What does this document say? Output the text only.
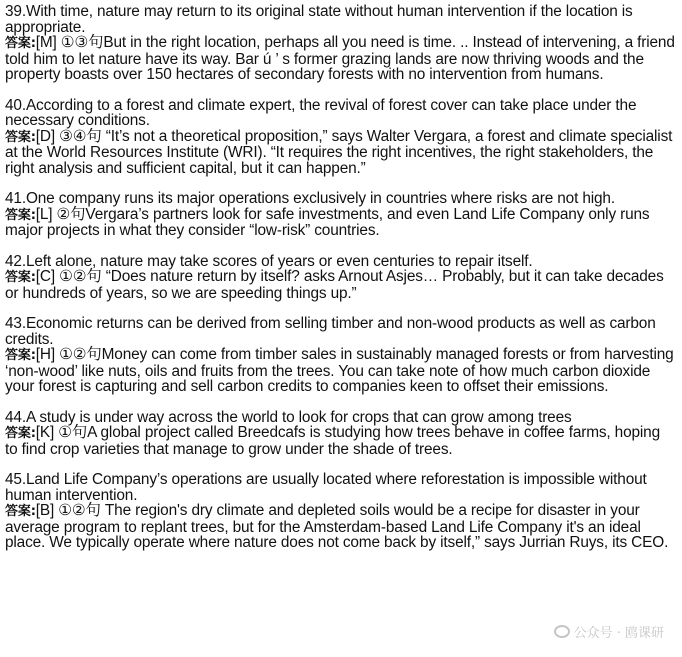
39.With time, nature may return to its original state without human intervention if the location is appropriate.

答案:[M] ①③句But in the right location, perhaps all you need is time. .. Instead of intervening, a friend told him to let nature have its way. Bar ú ’ s former grazing lands are now thriving woods and the property boasts over 150 hectares of secondary forests with no intervention from humans.

40.According to a forest and climate expert, the revival of forest cover can take place under the necessary conditions.

答案:[D] ③④句 “It’s not a theoretical proposition,” says Walter Vergara, a forest and climate specialist at the World Resources Institute (WRI). “It requires the right incentives, the right stakeholders, the right analysis and sufficient capital, but it can happen.”

41.One company runs its major operations exclusively in countries where risks are not high.

答案:[L] ②句Vergara’s partners look for safe investments, and even Land Life Company only runs major projects in what they consider “low-risk” countries.

42.Left alone, nature may take scores of years or even centuries to repair itself.

答案:[C] ①②句 “Does nature return by itself? asks Arnout Asjes… Probably, but it can take decades or hundreds of years, so we are speeding things up.”

43.Economic returns can be derived from selling timber and non-wood products as well as carbon credits.

答案:[H] ①②句Money can come from timber sales in sustainably managed forests or from harvesting ‘non-wood’ like nuts, oils and fruits from the trees. You can take note of how much carbon dioxide your forest is capturing and sell carbon credits to companies keen to offset their emissions.

44.A study is under way across the world to look for crops that can grow among trees

答案:[K] ①句A global project called Breedcafs is studying how trees behave in coffee farms, hoping to find crop varieties that manage to grow under the shade of trees.

45.Land Life Company’s operations are usually located where reforestation is impossible without human intervention.

答案:[B] ①②句 The region's dry climate and depleted soils would be a recipe for disaster in your average program to replant trees, but for the Amsterdam-based Land Life Company it's an ideal place. We typically operate where nature does not come back by itself,” says Jurrian Ruys, its CEO.

公众号 · 鸥课研
